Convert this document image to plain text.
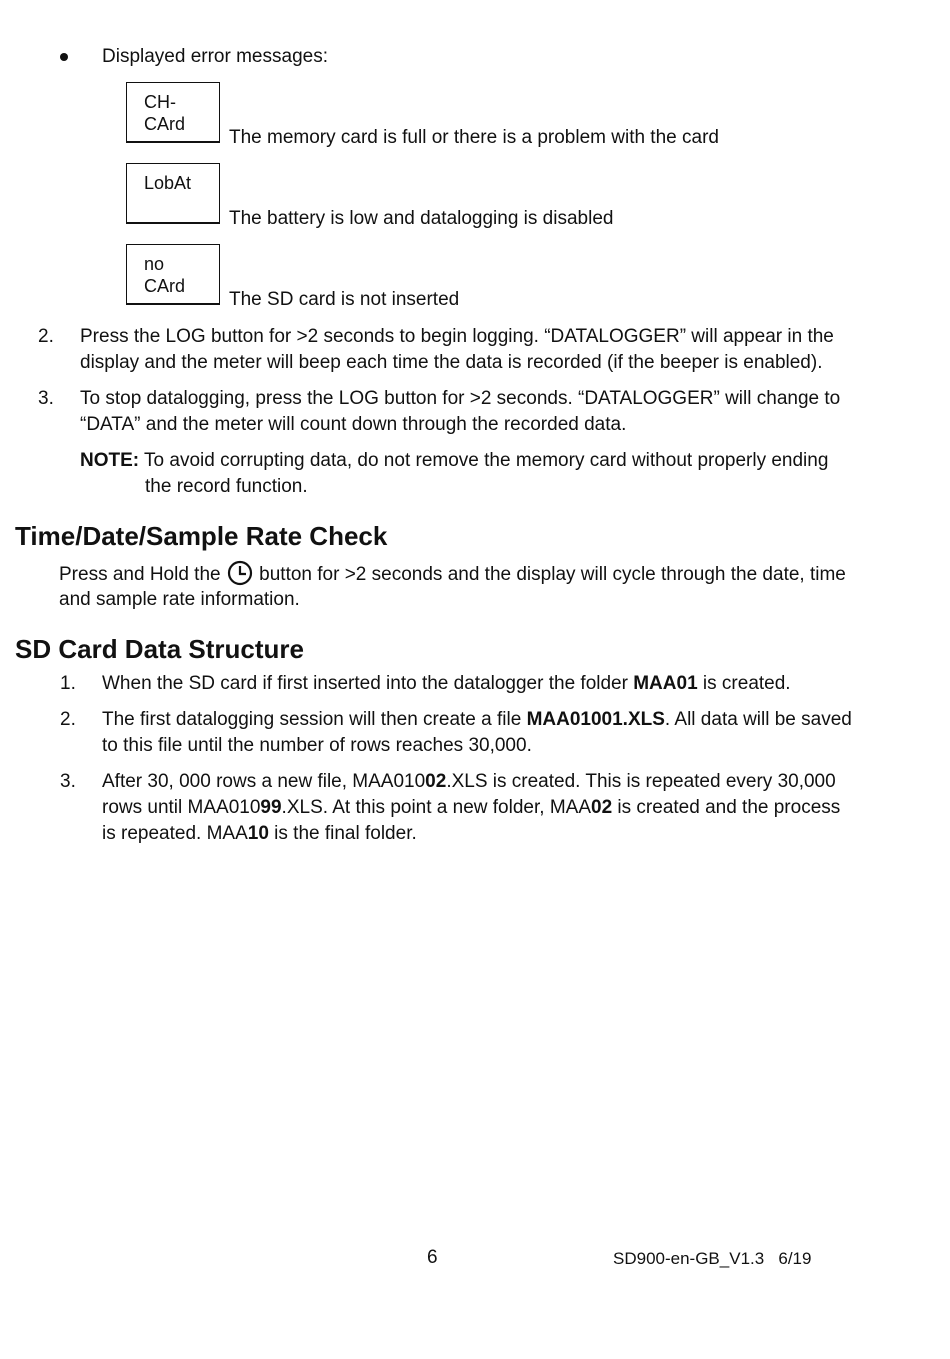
Displayed error messages:
CH-
CArd
The memory card is full or there is a problem with the card
LobAt
The battery is low and datalogging is disabled
no
CArd
The SD card is not inserted
2. Press the LOG button for >2 seconds to begin logging. “DATALOGGER” will appear in the
display and the meter will beep each time the data is recorded (if the beeper is enabled).
3. To stop datalogging, press the LOG button for >2 seconds. “DATALOGGER” will change to
“DATA” and the meter will count down through the recorded data.
NOTE: To avoid corrupting data, do not remove the memory card without properly ending
the record function.
Time/Date/Sample Rate Check
Press and Hold the  button for >2 seconds and the display will cycle through the date, time
and sample rate information.
SD Card Data Structure
1. When the SD card if first inserted into the datalogger the folder MAA01 is created.
2. The first datalogging session will then create a file MAA01001.XLS. All data will be saved
to this file until the number of rows reaches 30,000.
3. After 30, 000 rows a new file, MAA01002.XLS is created. This is repeated every 30,000
rows until MAA01099.XLS. At this point a new folder, MAA02 is created and the process
is repeated. MAA10 is the final folder.
6	SD900-en-GB_V1.3   6/19
